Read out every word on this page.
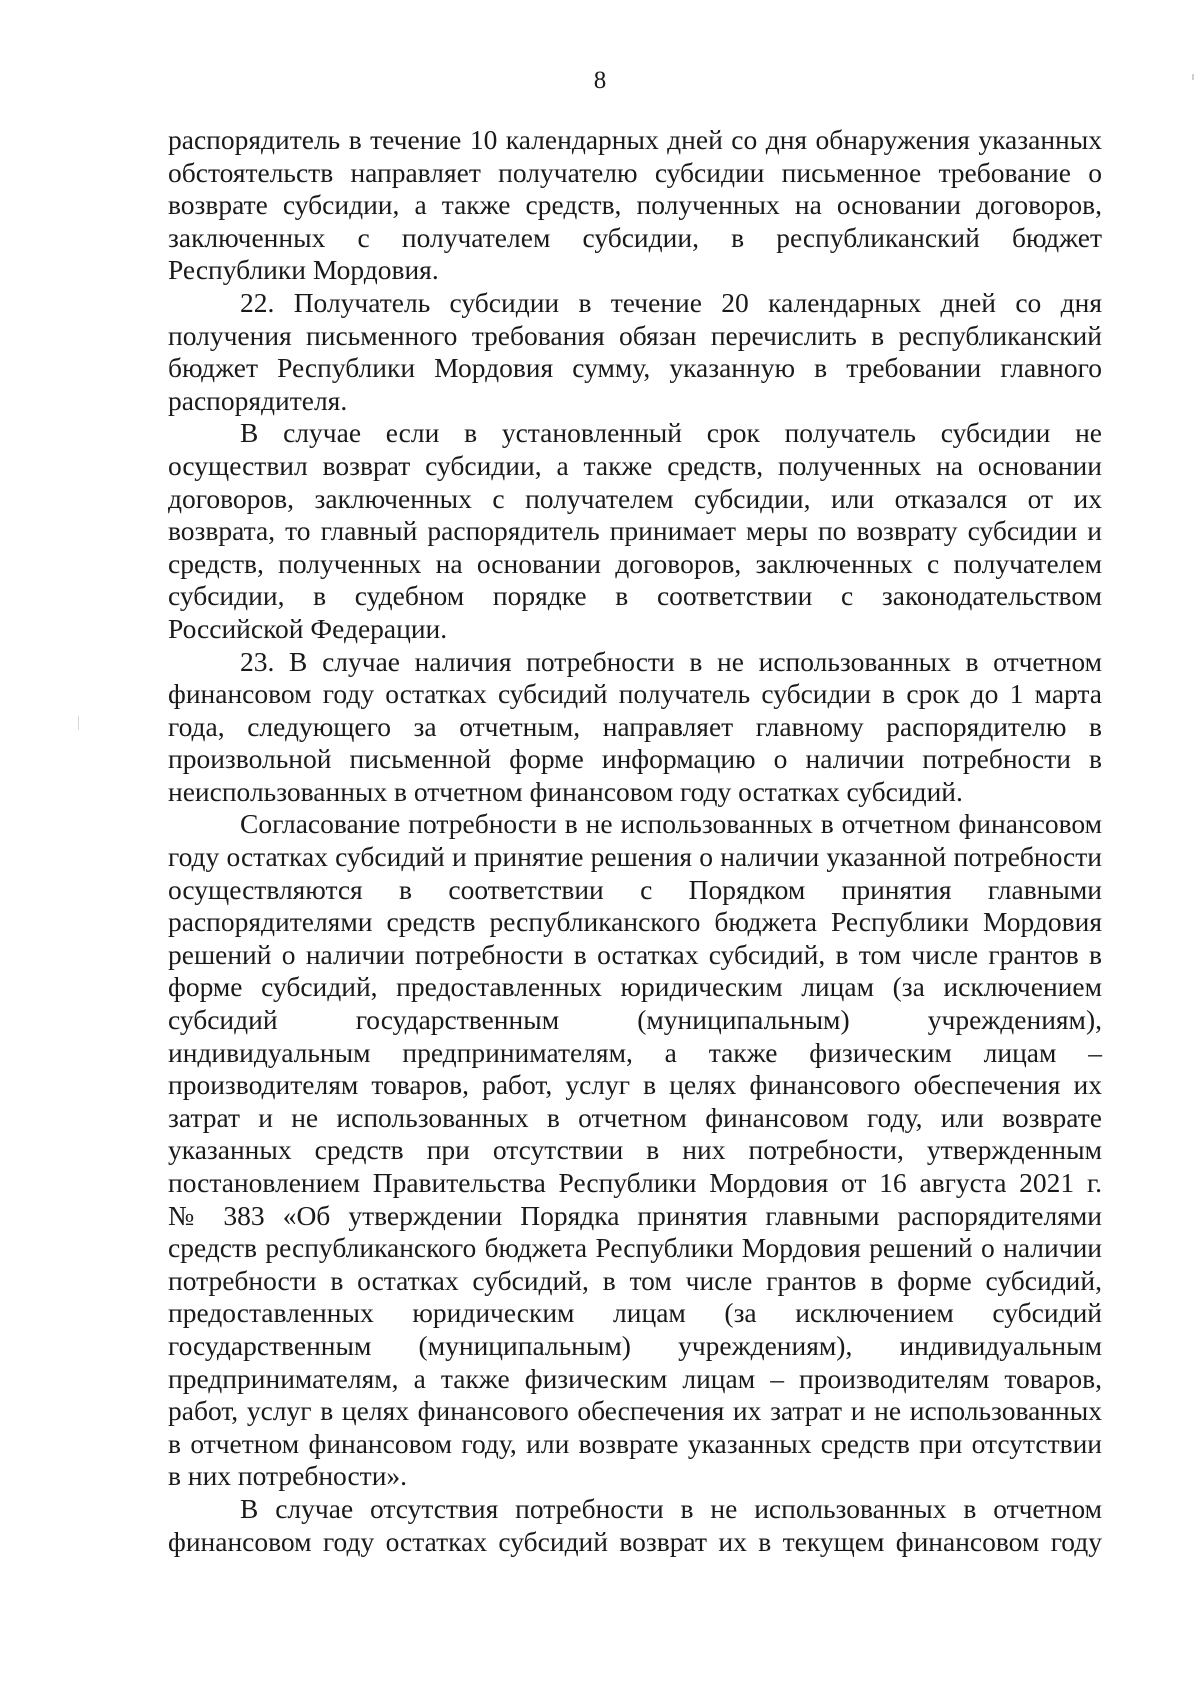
8

распорядитель в течение 10 календарных дней со дня обнаружения указанных
обстоятельств направляет получателю субсидии письменное требование о
возврате субсидии, а также средств, полученных на основании договоров,
заключенных с получателем субсидии, в республиканский бюджет
Республики Мордовия.

22. Получатель субсидии в течение 20 календарных дней со дня
получения письменного требования обязан перечислить в республиканский
бюджет Республики Мордовия сумму, указанную в требовании главного
распорядителя.

В случае если в установленный срок получатель субсидии не
осуществил возврат субсидии, а также средств, полученных на основании
договоров, заключенных с получателем субсидии, или отказался от их
возврата, то главный распорядитель принимает меры по возврату субсидии и
средств, полученных на основании договоров, заключенных с получателем
субсидии, в судебном порядке в соответствии с законодательством
Российской Федерации.

23. В случае наличия потребности в не использованных в отчетном
финансовом году остатках субсидий получатель субсидии в срок до 1 марта
года, следующего за отчетным, направляет главному распорядителю в
произвольной письменной форме информацию о наличии потребности в
неиспользованных в отчетном финансовом году остатках субсидий.

Согласование потребности в не использованных в отчетном финансовом
году остатках субсидий и принятие решения о наличии указанной потребности
осуществляются в соответствии с Порядком принятия главными
распорядителями средств республиканского бюджета Республики Мордовия
решений о наличии потребности в остатках субсидий, в том числе грантов в
форме субсидий, предоставленных юридическим лицам (за исключением
субсидий государственным (муниципальным) учреждениям),
индивидуальным предпринимателям, а также физическим лицам –
производителям товаров, работ, услуг в целях финансового обеспечения их
затрат и не использованных в отчетном финансовом году, или возврате
указанных средств при отсутствии в них потребности, утвержденным
постановлением Правительства Республики Мордовия от 16 августа 2021 г.
№ 383 «Об утверждении Порядка принятия главными распорядителями
средств республиканского бюджета Республики Мордовия решений о наличии
потребности в остатках субсидий, в том числе грантов в форме субсидий,
предоставленных юридическим лицам (за исключением субсидий
государственным (муниципальным) учреждениям), индивидуальным
предпринимателям, а также физическим лицам – производителям товаров,
работ, услуг в целях финансового обеспечения их затрат и не использованных
в отчетном финансовом году, или возврате указанных средств при отсутствии
в них потребности».

В случае отсутствия потребности в не использованных в отчетном
финансовом году остатках субсидий возврат их в текущем финансовом году
